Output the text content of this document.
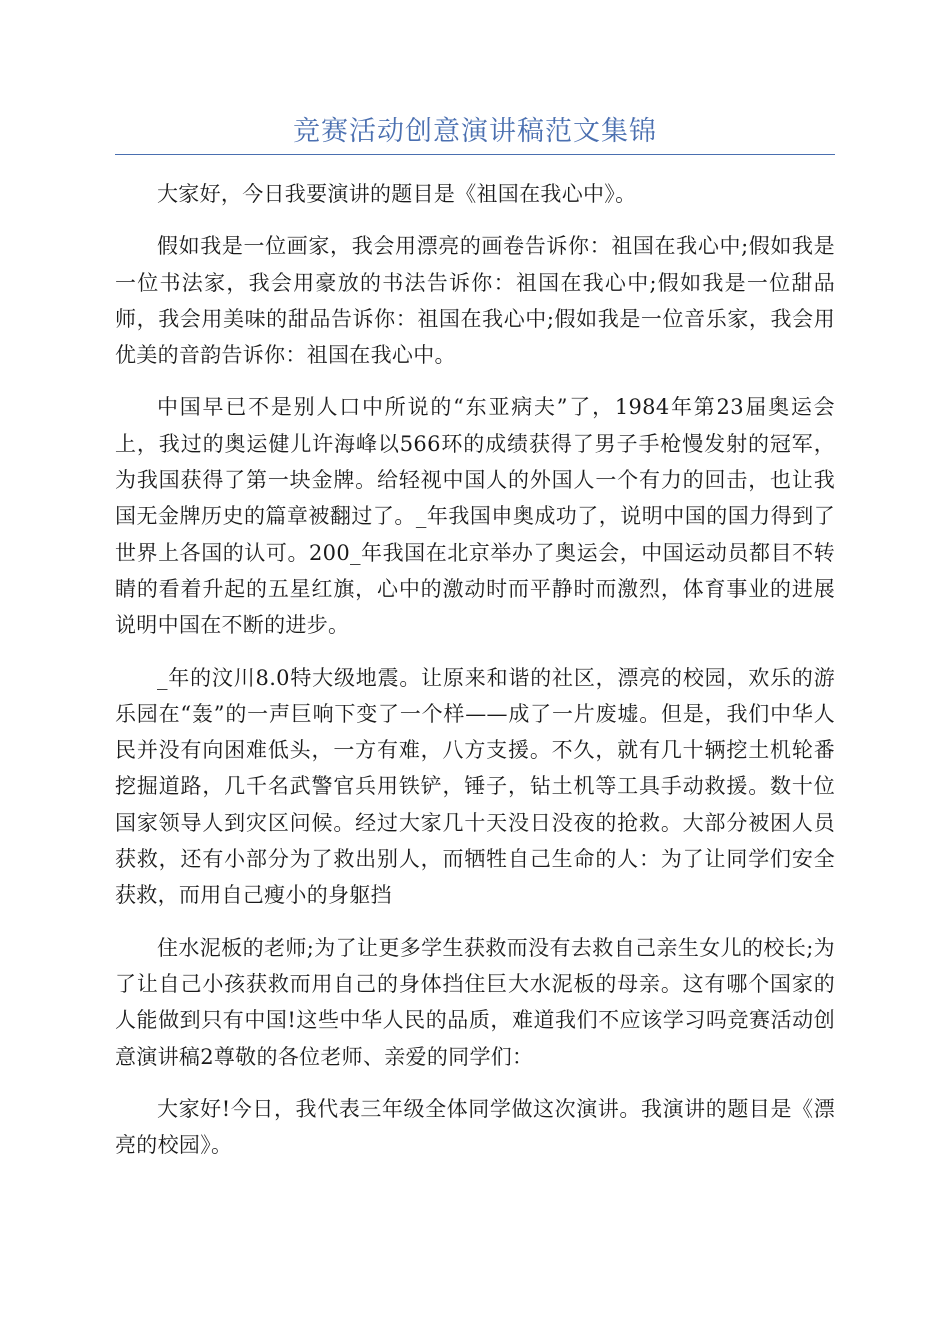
竞赛活动创意演讲稿范文集锦

大家好，今日我要演讲的题目是《祖国在我心中》。

假如我是一位画家，我会用漂亮的画卷告诉你：祖国在我心中;假如我是一位书法家，我会用豪放的书法告诉你：祖国在我心中;假如我是一位甜品师，我会用美味的甜品告诉你：祖国在我心中;假如我是一位音乐家，我会用优美的音韵告诉你：祖国在我心中。

中国早已不是别人口中所说的“东亚病夫”了，1984年第23届奥运会上，我过的奥运健儿许海峰以566环的成绩获得了男子手枪慢发射的冠军，为我国获得了第一块金牌。给轻视中国人的外国人一个有力的回击，也让我国无金牌历史的篇章被翻过了。_年我国申奥成功了，说明中国的国力得到了世界上各国的认可。200_年我国在北京举办了奥运会，中国运动员都目不转睛的看着升起的五星红旗，心中的激动时而平静时而激烈，体育事业的进展说明中国在不断的进步。

_年的汶川8.0特大级地震。让原来和谐的社区，漂亮的校园，欢乐的游乐园在“轰”的一声巨响下变了一个样——成了一片废墟。但是，我们中华人民并没有向困难低头，一方有难，八方支援。不久，就有几十辆挖土机轮番挖掘道路，几千名武警官兵用铁铲，锤子，钻土机等工具手动救援。数十位国家领导人到灾区问候。经过大家几十天没日没夜的抢救。大部分被困人员获救，还有小部分为了救出别人，而牺牲自己生命的人：为了让同学们安全获救，而用自己瘦小的身躯挡

住水泥板的老师;为了让更多学生获救而没有去救自己亲生女儿的校长;为了让自己小孩获救而用自己的身体挡住巨大水泥板的母亲。这有哪个国家的人能做到只有中国!这些中华人民的品质，难道我们不应该学习吗竞赛活动创意演讲稿2尊敬的各位老师、亲爱的同学们：

大家好!今日，我代表三年级全体同学做这次演讲。我演讲的题目是《漂亮的校园》。
